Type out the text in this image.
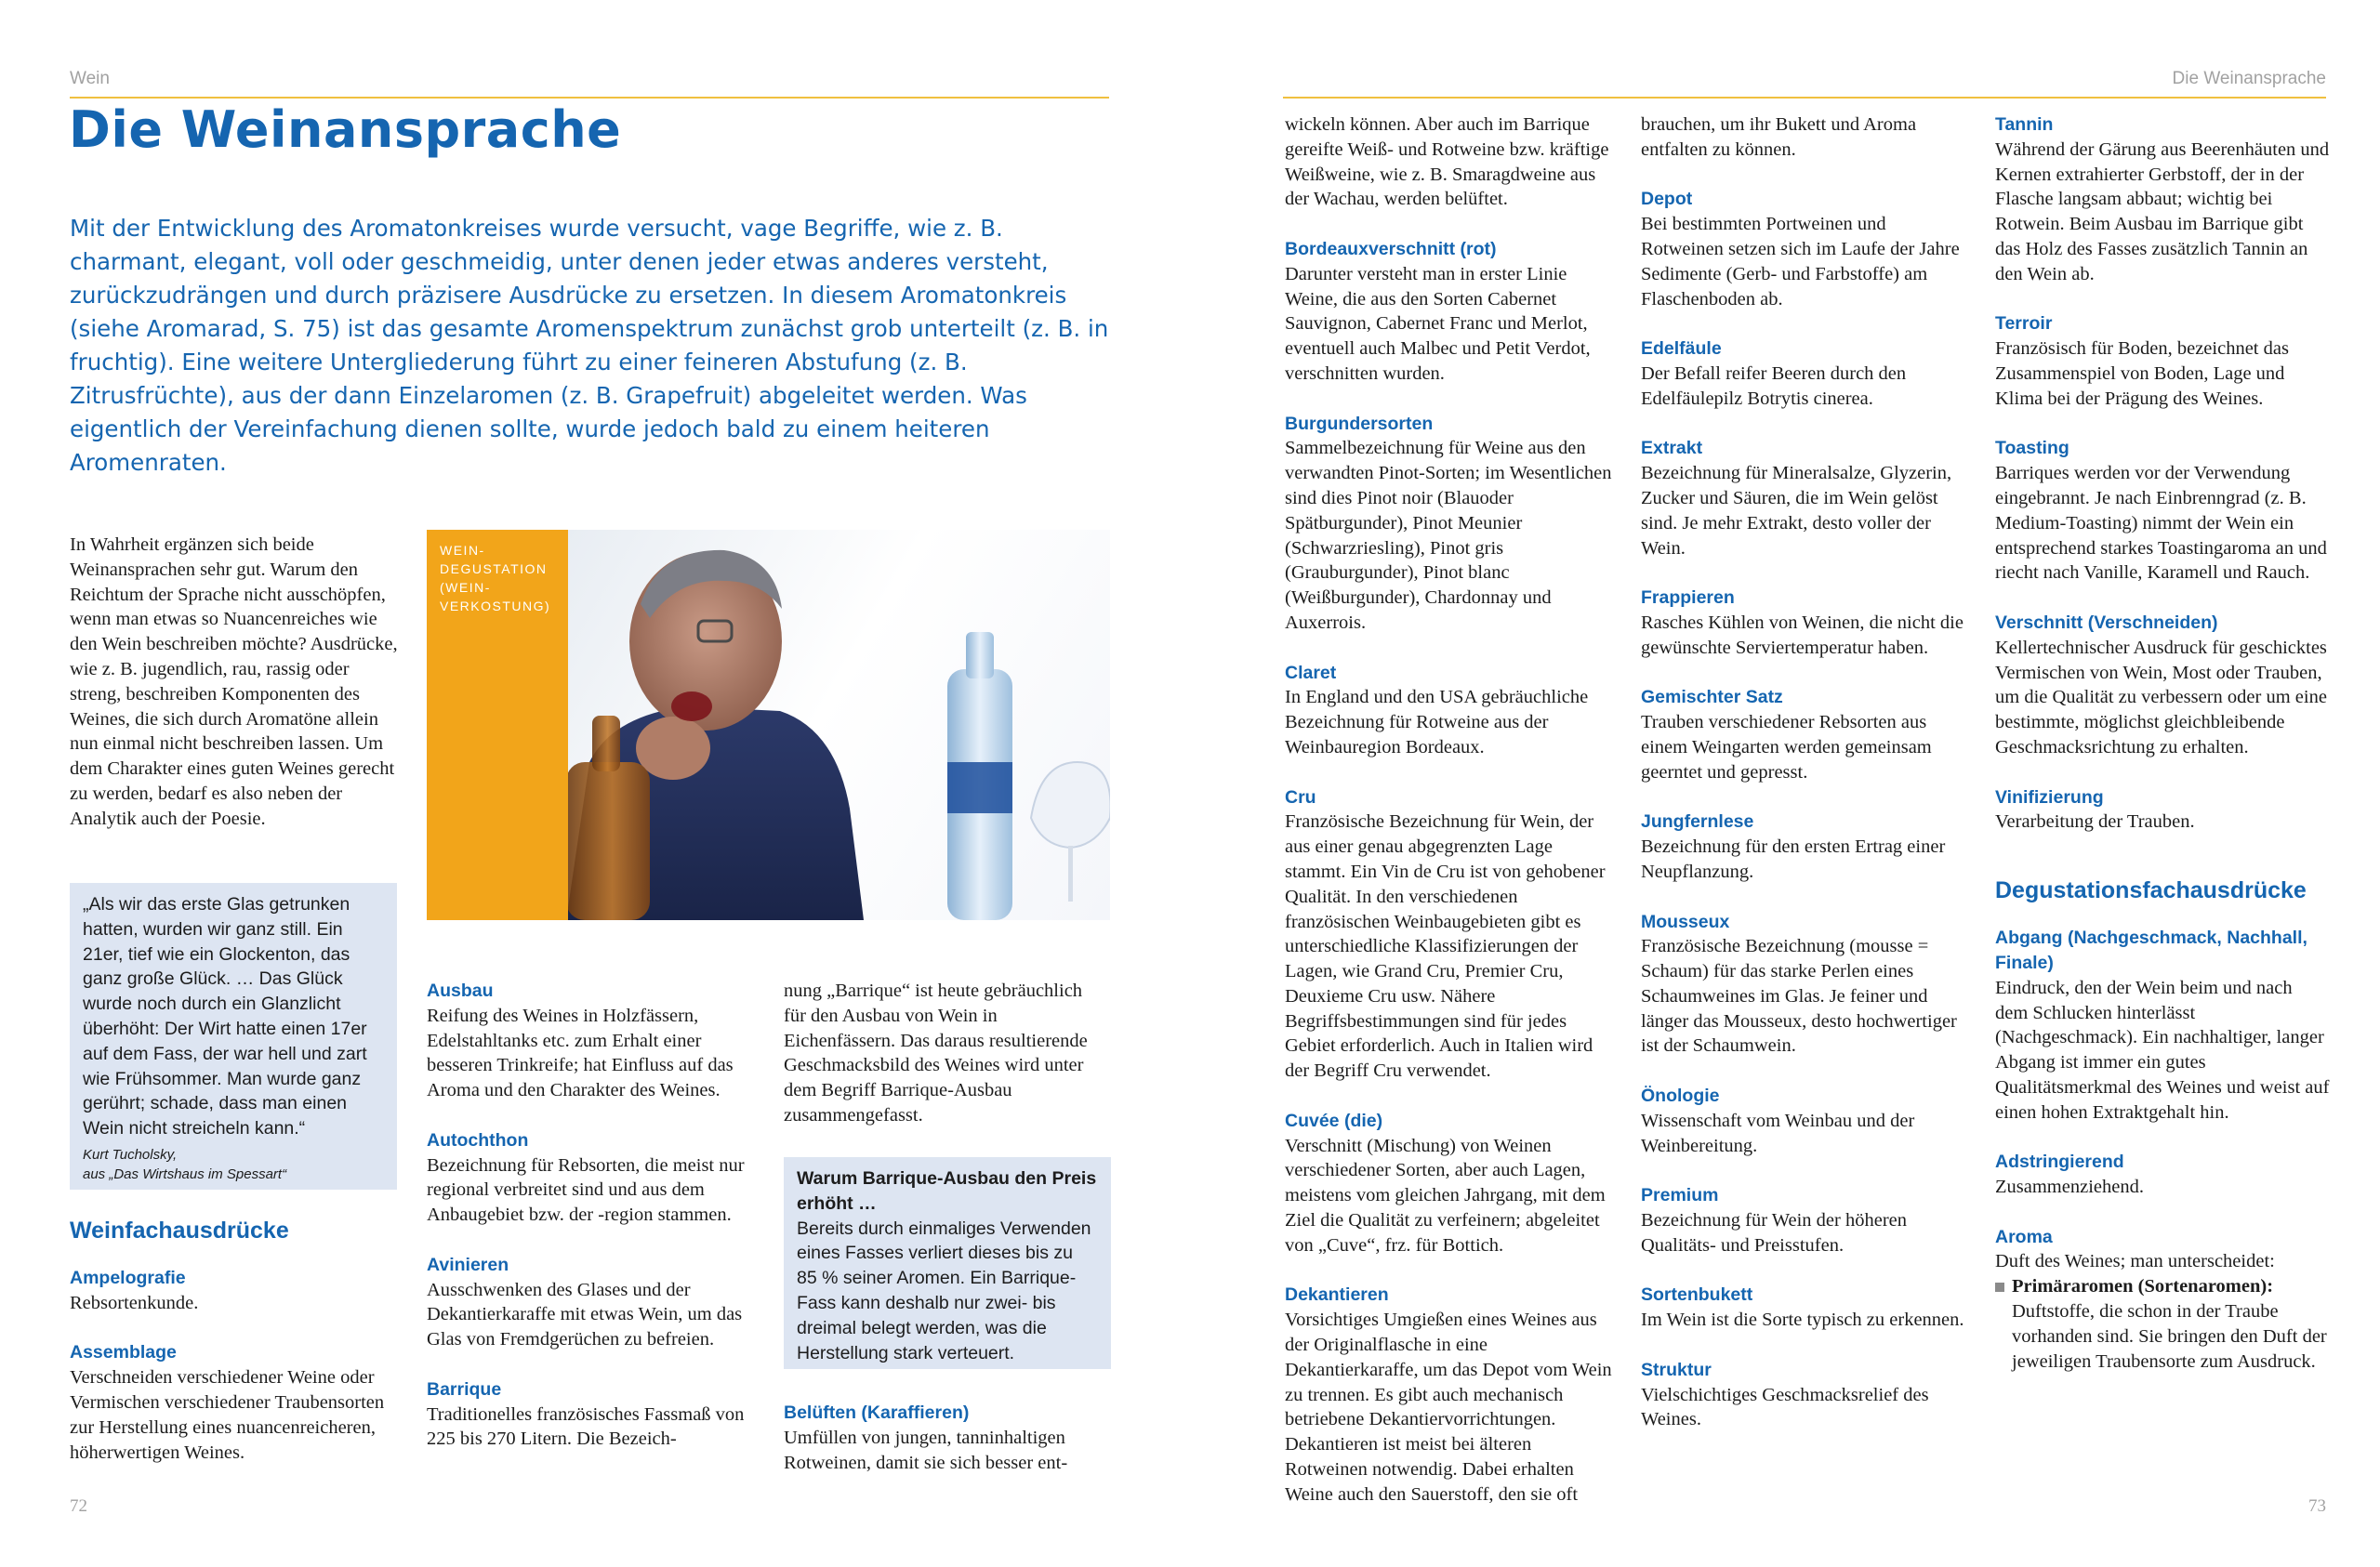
Wein
Die Weinansprache

Mit der Entwicklung des Aromatonkreises wurde versucht, vage Begriffe, wie z. B. charmant, elegant, voll oder geschmeidig, unter denen jeder etwas anderes versteht, zurückzudrängen und durch präzisere Ausdrücke zu ersetzen. In diesem Aromatonkreis (siehe Aromarad, S. 75) ist das gesamte Aromenspektrum zunächst grob unterteilt (z. B. in fruchtig). Eine weitere Untergliederung führt zu einer feineren Abstufung (z. B. Zitrusfrüchte), aus der dann Einzelaromen (z. B. Grapefruit) abgeleitet werden. Was eigentlich der Vereinfachung dienen sollte, wurde jedoch bald zu einem heiteren Aromenraten.

In Wahrheit ergänzen sich beide Weinansprachen sehr gut. Warum den Reichtum der Sprache nicht ausschöpfen, wenn man etwas so Nuancenreiches wie den Wein beschreiben möchte? Ausdrücke, wie z. B. jugendlich, rau, rassig oder streng, beschreiben Komponenten des Weines, die sich durch Aromatöne allein nun einmal nicht beschreiben lassen. Um dem Charakter eines guten Weines gerecht zu werden, bedarf es also neben der Analytik auch der Poesie.

„Als wir das erste Glas getrunken hatten, wurden wir ganz still. Ein 21er, tief wie ein Glockenton, das ganz große Glück. … Das Glück wurde noch durch ein Glanzlicht überhöht: Der Wirt hatte einen 17er auf dem Fass, der war hell und zart wie Frühsommer. Man wurde ganz gerührt; schade, dass man einen Wein nicht streicheln kann.“
Kurt Tucholsky,
aus „Das Wirtshaus im Spessart“
Weinfachausdrücke
Ampelografie
Rebsortenkunde.
Assemblage
Verschneiden verschiedener Weine oder Vermischen verschiedener Traubensorten zur Herstellung eines nuancenreicheren, höherwertigen Weines.
WEIN-DEGUSTATION (WEIN-VERKOSTUNG)
Ausbau
Reifung des Weines in Holzfässern, Edelstahltanks etc. zum Erhalt einer besseren Trinkreife; hat Einfluss auf das Aroma und den Charakter des Weines.
Autochthon
Bezeichnung für Rebsorten, die meist nur regional verbreitet sind und aus dem Anbaugebiet bzw. der -region stammen.
Avinieren
Ausschwenken des Glases und der Dekantierkaraffe mit etwas Wein, um das Glas von Fremdgerüchen zu befreien.
Barrique
Traditionelles französisches Fassmaß von 225 bis 270 Litern. Die Bezeich-

nung „Barrique“ ist heute gebräuchlich für den Ausbau von Wein in Eichenfässern. Das daraus resultierende Geschmacksbild des Weines wird unter dem Begriff Barrique-Ausbau zusammengefasst.

Warum Barrique-Ausbau den Preis erhöht …
Bereits durch einmaliges Verwenden eines Fasses verliert dieses bis zu 85 % seiner Aromen. Ein Barrique-Fass kann deshalb nur zwei- bis dreimal belegt werden, was die Herstellung stark verteuert.
Belüften (Karaffieren)
Umfüllen von jungen, tanninhaltigen Rotweinen, damit sie sich besser ent-
72
Die Weinansprache
wickeln können. Aber auch im Barrique gereifte Weiß- und Rotweine bzw. kräftige Weißweine, wie z. B. Smaragdweine aus der Wachau, werden belüftet.
Bordeauxverschnitt (rot)
Darunter versteht man in erster Linie Weine, die aus den Sorten Cabernet Sauvignon, Cabernet Franc und Merlot, eventuell auch Malbec und Petit Verdot, verschnitten wurden.
Burgundersorten
Sammelbezeichnung für Weine aus den verwandten Pinot-Sorten; im Wesentlichen sind dies Pinot noir (Blauoder Spätburgunder), Pinot Meunier (Schwarzriesling), Pinot gris (Grauburgunder), Pinot blanc (Weißburgunder), Chardonnay und Auxerrois.
Claret
In England und den USA gebräuchliche Bezeichnung für Rotweine aus der Weinbauregion Bordeaux.
Cru
Französische Bezeichnung für Wein, der aus einer genau abgegrenzten Lage stammt. Ein Vin de Cru ist von gehobener Qualität. In den verschiedenen französischen Weinbaugebieten gibt es unterschiedliche Klassifizierungen der Lagen, wie Grand Cru, Premier Cru, Deuxieme Cru usw. Nähere Begriffsbestimmungen sind für jedes Gebiet erforderlich. Auch in Italien wird der Begriff Cru verwendet.
Cuvée (die)
Verschnitt (Mischung) von Weinen verschiedener Sorten, aber auch Lagen, meistens vom gleichen Jahrgang, mit dem Ziel die Qualität zu verfeinern; abgeleitet von „Cuve“, frz. für Bottich.
Dekantieren
Vorsichtiges Umgießen eines Weines aus der Originalflasche in eine Dekantierkaraffe, um das Depot vom Wein zu trennen. Es gibt auch mechanisch betriebene Dekantiervorrichtungen. Dekantieren ist meist bei älteren Rotweinen notwendig. Dabei erhalten Weine auch den Sauerstoff, den sie oft
brauchen, um ihr Bukett und Aroma entfalten zu können.
Depot
Bei bestimmten Portweinen und Rotweinen setzen sich im Laufe der Jahre Sedimente (Gerb- und Farbstoffe) am Flaschenboden ab.
Edelfäule
Der Befall reifer Beeren durch den Edelfäulepilz Botrytis cinerea.
Extrakt
Bezeichnung für Mineralsalze, Glyzerin, Zucker und Säuren, die im Wein gelöst sind. Je mehr Extrakt, desto voller der Wein.
Frappieren
Rasches Kühlen von Weinen, die nicht die gewünschte Serviertemperatur haben.
Gemischter Satz
Trauben verschiedener Rebsorten aus einem Weingarten werden gemeinsam geerntet und gepresst.
Jungfernlese
Bezeichnung für den ersten Ertrag einer Neupflanzung.
Mousseux
Französische Bezeichnung (mousse = Schaum) für das starke Perlen eines Schaumweines im Glas. Je feiner und länger das Mousseux, desto hochwertiger ist der Schaumwein.
Önologie
Wissenschaft vom Weinbau und der Weinbereitung.
Premium
Bezeichnung für Wein der höheren Qualitäts- und Preisstufen.
Sortenbukett
Im Wein ist die Sorte typisch zu erkennen.
Struktur
Vielschichtiges Geschmacksrelief des Weines.
Tannin
Während der Gärung aus Beerenhäuten und Kernen extrahierter Gerbstoff, der in der Flasche langsam abbaut; wichtig bei Rotwein. Beim Ausbau im Barrique gibt das Holz des Fasses zusätzlich Tannin an den Wein ab.
Terroir
Französisch für Boden, bezeichnet das Zusammenspiel von Boden, Lage und Klima bei der Prägung des Weines.
Toasting
Barriques werden vor der Verwendung eingebrannt. Je nach Einbrenngrad (z. B. Medium-Toasting) nimmt der Wein ein entsprechend starkes Toastingaroma an und riecht nach Vanille, Karamell und Rauch.
Verschnitt (Verschneiden)
Kellertechnischer Ausdruck für geschicktes Vermischen von Wein, Most oder Trauben, um die Qualität zu verbessern oder um eine bestimmte, möglichst gleichbleibende Geschmacksrichtung zu erhalten.
Vinifizierung
Verarbeitung der Trauben.
Degustationsfachausdrücke
Abgang (Nachgeschmack, Nachhall, Finale)
Eindruck, den der Wein beim und nach dem Schlucken hinterlässt (Nachgeschmack). Ein nachhaltiger, langer Abgang ist immer ein gutes Qualitätsmerkmal des Weines und weist auf einen hohen Extraktgehalt hin.
Adstringierend
Zusammenziehend.
Aroma
Duft des Weines; man unterscheidet:
Primäraromen (Sortenaromen): Duftstoffe, die schon in der Traube vorhanden sind. Sie bringen den Duft der jeweiligen Traubensorte zum Ausdruck.
73
